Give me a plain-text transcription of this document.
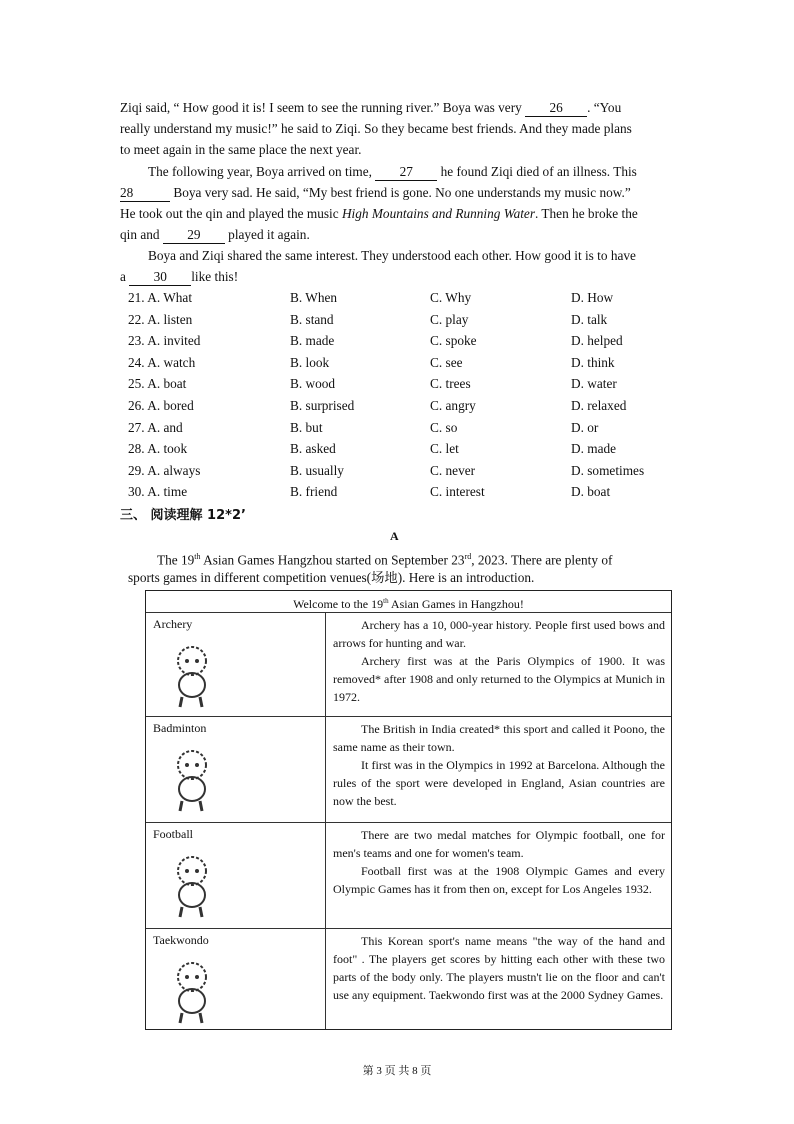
Ziqi said, “ How good it is! I seem to see the running river.” Boya was very 26 . “You
really understand my music!” he said to Ziqi. So they became best friends. And they made plans
to meet again in the same place the next year.
The following year, Boya arrived on time, 27 he found Ziqi died of an illness. This
28	Boya very sad. He said, “My best friend is gone. No one understands my music now.”
He took out the qin and played the music High Mountains and Running Water. Then he broke the
qin and 29 played it again.
Boya and Ziqi shared the same interest. They understood each other. How good it is to have
a 30 like this!
21. A. What	B. When	C. Why	D. How
22. A. listen	B. stand	C. play	D. talk
23. A. invited	B. made	C. spoke	D. helped
24. A. watch	B. look	C. see	D. think
25. A. boat	B. wood	C. trees	D. water
26. A. bored	B. surprised	C. angry	D. relaxed
27. A. and	B. but	C. so	D. or
28. A. took	B. asked	C. let	D. made
29. A. always	B. usually	C. never	D. sometimes
30. A. time	B. friend	C. interest	D. boat
三、 阅读理解 12*2’
A
The 19th Asian Games Hangzhou started on September 23rd, 2023. There are plenty of
sports games in different competition venues(场地). Here is an introduction.
Welcome to the 19th Asian Games in Hangzhou!
Archery	Archery has a 10, 000-year history. People first used bows and arrows for hunting and war.

Archery first was at the Paris Olympics of 1900. It was removed* after 1908 and only returned to the Olympics at Munich in 1972.

Badminton	The British in India created* this sport and called it Poono, the same name as their town.

It first was in the Olympics in 1992 at Barcelona. Although the rules of the sport were developed in England, Asian countries are now the best.

Football	There are two medal matches for Olympic football, one for men's teams and one for women's team.

Football first was at the 1908 Olympic Games and every Olympic Games has it from then on, except for Los Angeles 1932.

Taekwondo	This Korean sport's name means "the way of the hand and foot" . The players get scores by hitting each other with these two parts of the body only. The players mustn't lie on the floor and can't use any equipment. Taekwondo first was at the 2000 Sydney Games.

第 3 页 共 8 页
